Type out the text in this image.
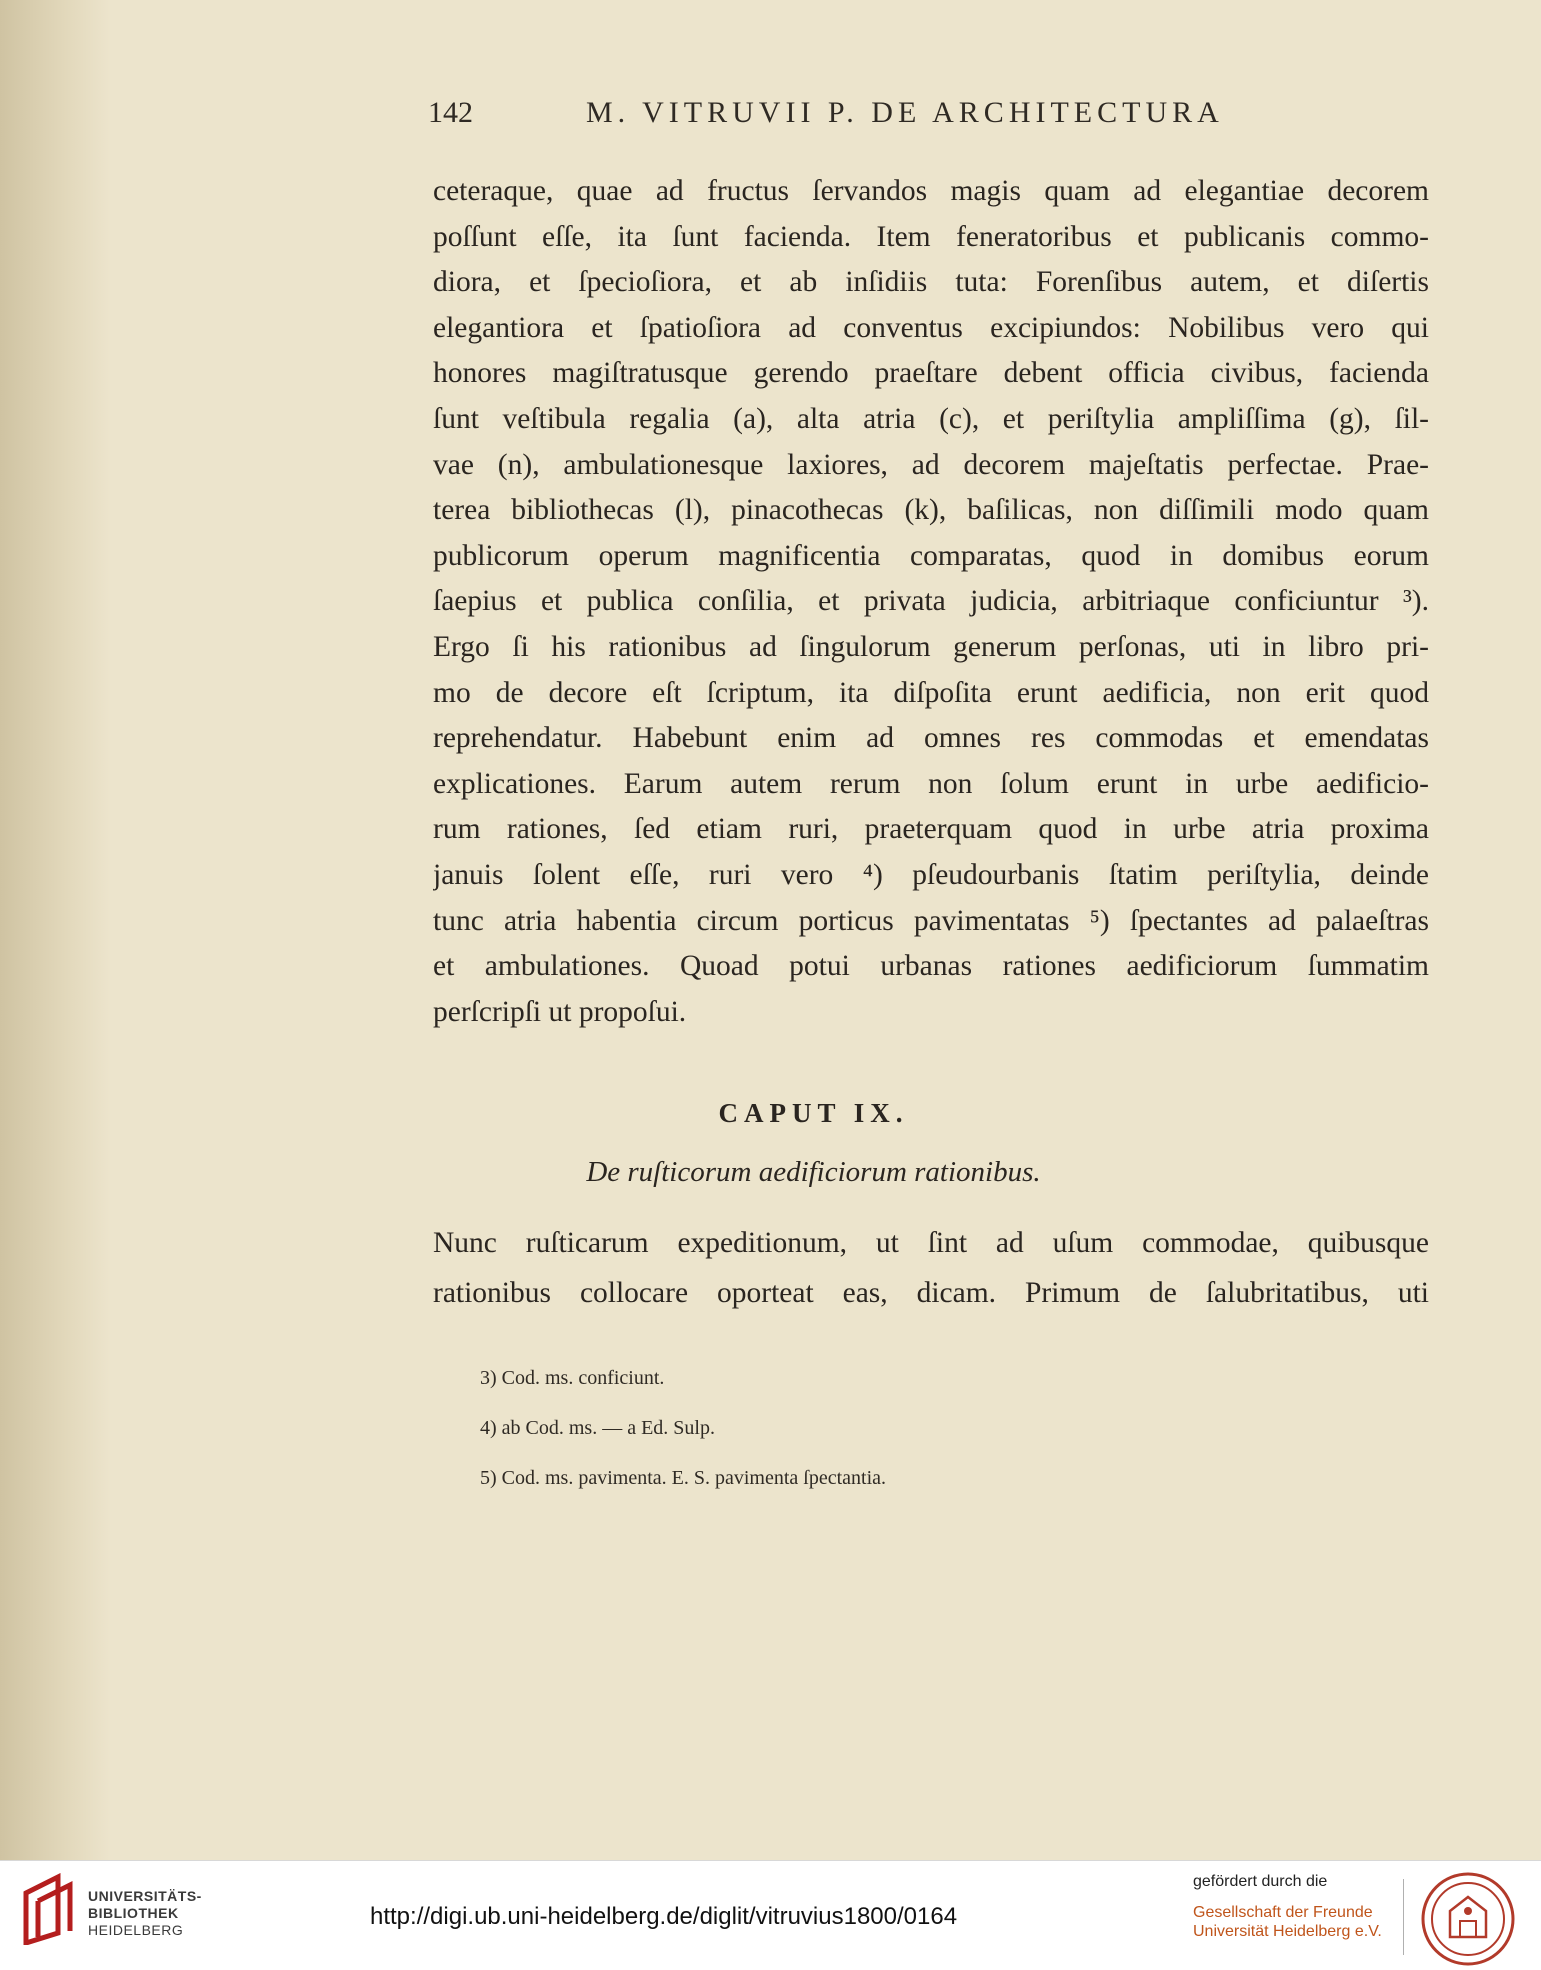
142	M. VITRUVII P. DE ARCHITECTURA
ceteraque, quae ad fructus ſervandos magis quam ad elegantiae decorem
poſſunt eſſe, ita ſunt facienda. Item feneratoribus et publicanis commo-
diora, et ſpecioſiora, et ab inſidiis tuta: Forenſibus autem, et diſertis
elegantiora et ſpatioſiora ad conventus excipiundos: Nobilibus vero qui
honores magiſtratusque gerendo praeſtare debent officia civibus, facienda
ſunt veſtibula regalia (a), alta atria (c), et periſtylia ampliſſima (g), ſil-
vae (n), ambulationesque laxiores, ad decorem majeſtatis perfectae. Prae-
terea bibliothecas (l), pinacothecas (k), baſilicas, non diſſimili modo quam
publicorum operum magnificentia comparatas, quod in domibus eorum
ſaepius et publica conſilia, et privata judicia, arbitriaque conficiuntur ³).
Ergo ſi his rationibus ad ſingulorum generum perſonas, uti in libro pri-
mo de decore eſt ſcriptum, ita diſpoſita erunt aedificia, non erit quod
reprehendatur. Habebunt enim ad omnes res commodas et emendatas
explicationes. Earum autem rerum non ſolum erunt in urbe aedificio-
rum rationes, ſed etiam ruri, praeterquam quod in urbe atria proxima
januis ſolent eſſe, ruri vero ⁴) pſeudourbanis ſtatim periſtylia, deinde
tunc atria habentia circum porticus pavimentatas ⁵) ſpectantes ad palaeſtras
et ambulationes. Quoad potui urbanas rationes aedificiorum ſummatim
perſcripſi ut propoſui.
CAPUT IX.
De ruſticorum aedificiorum rationibus.
Nunc ruſticarum expeditionum, ut ſint ad uſum commodae, quibusque
rationibus collocare oporteat eas, dicam. Primum de ſalubritatibus, uti
3) Cod. ms. conficiunt.
4) ab Cod. ms. — a Ed. Sulp.
5) Cod. ms. pavimenta. E. S. pavimenta ſpectantia.
UNIVERSITÄTS-
BIBLIOTHEK
HEIDELBERG	http://digi.ub.uni-heidelberg.de/diglit/vitruvius1800/0164
gefördert durch die
Gesellschaft der Freunde
Universität Heidelberg e.V.
